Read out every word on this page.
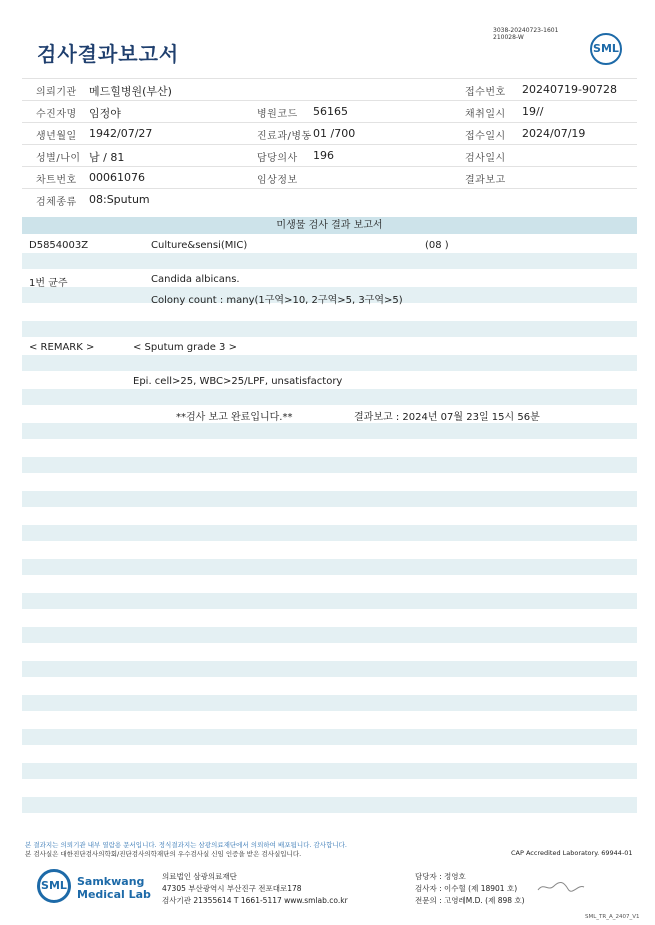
검사결과보고서
3038-20240723-1601
210028-W
SML
의뢰기관 메드힐병원(부산)	접수번호 20240719-90728
수진자명 임정야	병원코드 56165	채취일시 19//
생년월일 1942/07/27	진료과/병동 01 /700	접수일시 2024/07/19
성별/나이 남 / 81	담당의사 196	검사일시
차트번호 00061076	임상정보	결과보고
검체종류 08:Sputum
미생물 검사 결과 보고서
D5854003Z	Culture&sensi(MIC)	(08 )
1번 균주	Candida albicans.
Colony count : many(1구역>10, 2구역>5, 3구역>5)
< REMARK >	< Sputum grade 3 >
Epi. cell>25, WBC>25/LPF, unsatisfactory
**검사 보고 완료입니다.**	결과보고 : 2024년 07월 23일 15시 56분
본 결과지는 의뢰기관 내부 열람용 문서입니다. 정식결과지는 삼광의료재단에서 의뢰하여 배포됩니다. 감사합니다.
본 검사실은 대한진단검사의학회/진단검사의학재단의 우수검사실 신임 인증을 받은 검사실입니다.	CAP Accredited Laboratory. 69944-01
SML Samkwang
Medical Lab
의료법인 삼광의료재단
47305 부산광역시 부산진구 전포대로178
검사기관 21355614 T 1661-5117 www.smlab.co.kr
담당자 : 정영호
검사자 : 이수혈 (제 18901 호)
전문의 : 고영레M.D. (제 898 호)
SML_TR_A_2407_V1
